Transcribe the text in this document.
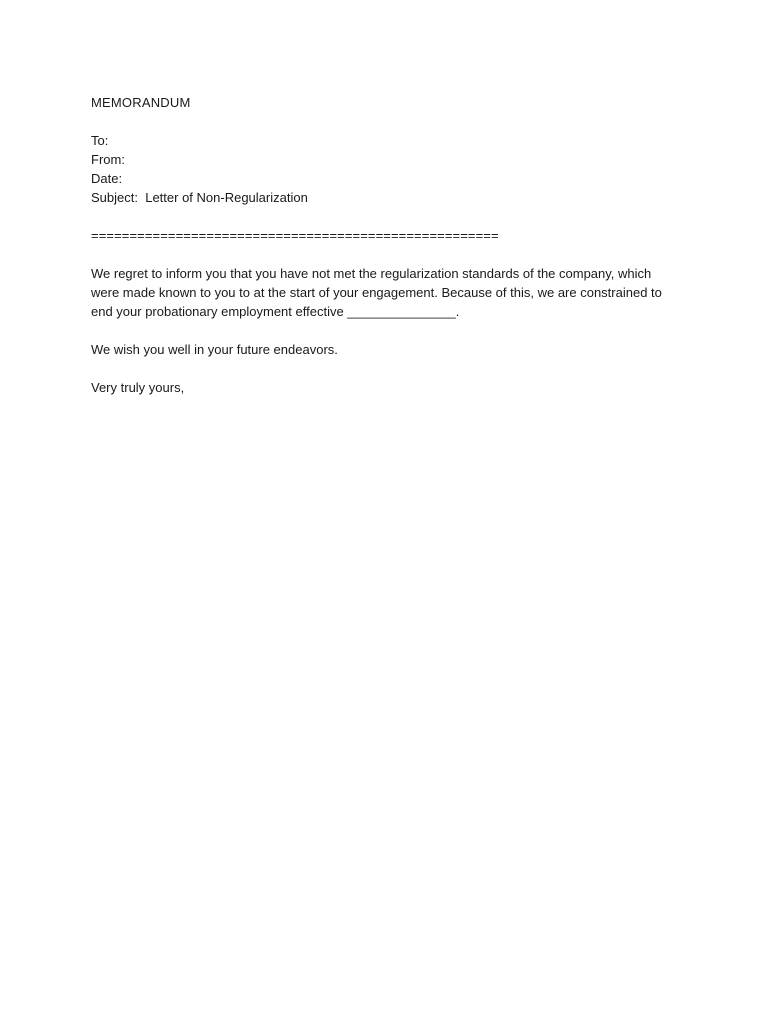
MEMORANDUM
To:
From:
Date:
Subject: Letter of Non-Regularization
=====================================================

We regret to inform you that you have not met the regularization standards of the company, which were made known to you to at the start of your engagement. Because of this, we are constrained to end your probationary employment effective _______________.

We wish you well in your future endeavors.

Very truly yours,
